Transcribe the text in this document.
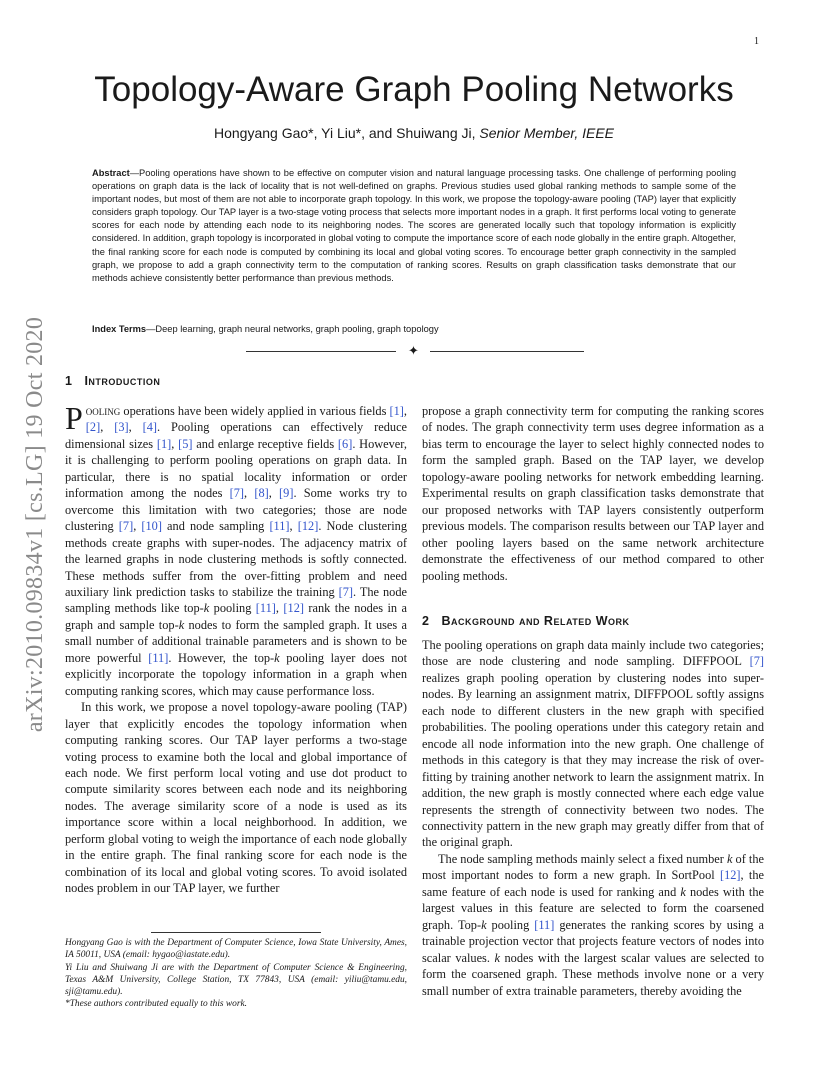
1
arXiv:2010.09834v1 [cs.LG] 19 Oct 2020
Topology-Aware Graph Pooling Networks
Hongyang Gao*, Yi Liu*, and Shuiwang Ji, Senior Member, IEEE
Abstract—Pooling operations have shown to be effective on computer vision and natural language processing tasks. One challenge of performing pooling operations on graph data is the lack of locality that is not well-defined on graphs. Previous studies used global ranking methods to sample some of the important nodes, but most of them are not able to incorporate graph topology. In this work, we propose the topology-aware pooling (TAP) layer that explicitly considers graph topology. Our TAP layer is a two-stage voting process that selects more important nodes in a graph. It first performs local voting to generate scores for each node by attending each node to its neighboring nodes. The scores are generated locally such that topology information is explicitly considered. In addition, graph topology is incorporated in global voting to compute the importance score of each node globally in the entire graph. Altogether, the final ranking score for each node is computed by combining its local and global voting scores. To encourage better graph connectivity in the sampled graph, we propose to add a graph connectivity term to the computation of ranking scores. Results on graph classification tasks demonstrate that our methods achieve consistently better performance than previous methods.
Index Terms—Deep learning, graph neural networks, graph pooling, graph topology
✦
1 Introduction

Pooling operations have been widely applied in various fields [1], [2], [3], [4]. Pooling operations can effectively reduce dimensional sizes [1], [5] and enlarge receptive fields [6]. However, it is challenging to perform pooling operations on graph data. In particular, there is no spatial locality information or order information among the nodes [7], [8], [9]. Some works try to overcome this limitation with two categories; those are node clustering [7], [10] and node sampling [11], [12]. Node clustering methods create graphs with super-nodes. The adjacency matrix of the learned graphs in node clustering methods is softly connected. These methods suffer from the over-fitting problem and need auxiliary link prediction tasks to stabilize the training [7]. The node sampling methods like top-k pooling [11], [12] rank the nodes in a graph and sample top-k nodes to form the sampled graph. It uses a small number of additional trainable parameters and is shown to be more powerful [11]. However, the top-k pooling layer does not explicitly incorporate the topology information in a graph when computing ranking scores, which may cause performance loss.

In this work, we propose a novel topology-aware pooling (TAP) layer that explicitly encodes the topology information when computing ranking scores. Our TAP layer performs a two-stage voting process to examine both the local and global importance of each node. We first perform local voting and use dot product to compute similarity scores between each node and its neighboring nodes. The average similarity score of a node is used as its importance score within a local neighborhood. In addition, we perform global voting to weigh the importance of each node globally in the entire graph. The final ranking score for each node is the combination of its local and global voting scores. To avoid isolated nodes problem in our TAP layer, we further

propose a graph connectivity term for computing the ranking scores of nodes. The graph connectivity term uses degree information as a bias term to encourage the layer to select highly connected nodes to form the sampled graph. Based on the TAP layer, we develop topology-aware pooling networks for network embedding learning. Experimental results on graph classification tasks demonstrate that our proposed networks with TAP layers consistently outperform previous models. The comparison results between our TAP layer and other pooling layers based on the same network architecture demonstrate the effectiveness of our method compared to other pooling methods.

2 Background and Related Work

The pooling operations on graph data mainly include two categories; those are node clustering and node sampling. DIFFPOOL [7] realizes graph pooling operation by clustering nodes into super-nodes. By learning an assignment matrix, DIFFPOOL softly assigns each node to different clusters in the new graph with specified probabilities. The pooling operations under this category retain and encode all node information into the new graph. One challenge of methods in this category is that they may increase the risk of over-fitting by training another network to learn the assignment matrix. In addition, the new graph is mostly connected where each edge value represents the strength of connectivity between two nodes. The connectivity pattern in the new graph may greatly differ from that of the original graph.

The node sampling methods mainly select a fixed number k of the most important nodes to form a new graph. In SortPool [12], the same feature of each node is used for ranking and k nodes with the largest values in this feature are selected to form the coarsened graph. Top-k pooling [11] generates the ranking scores by using a trainable projection vector that projects feature vectors of nodes into scalar values. k nodes with the largest scalar values are selected to form the coarsened graph. These methods involve none or a very small number of extra trainable parameters, thereby avoiding the

Hongyang Gao is with the Department of Computer Science, Iowa State University, Ames, IA 50011, USA (email: hygao@iastate.edu).

Yi Liu and Shuiwang Ji are with the Department of Computer Science & Engineering, Texas A&M University, College Station, TX 77843, USA (email: yiliu@tamu.edu, sji@tamu.edu).

*These authors contributed equally to this work.
